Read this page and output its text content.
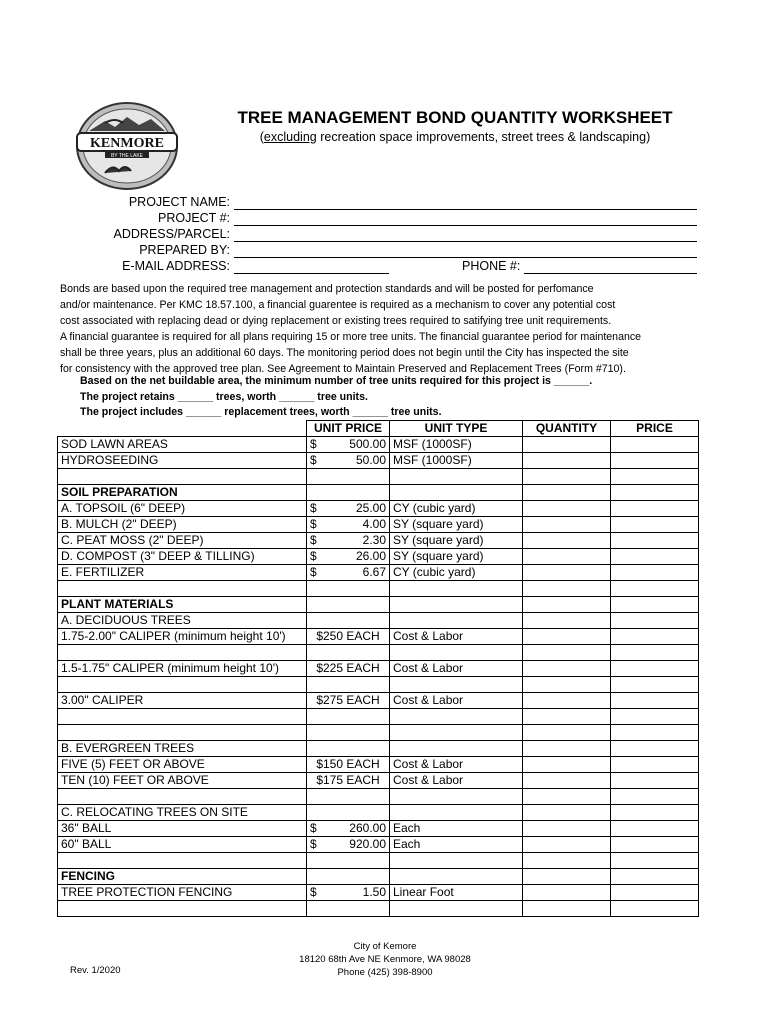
KENMORE
BY THE LAKE
TREE MANAGEMENT BOND QUANTITY WORKSHEET
(excluding recreation space improvements, street trees & landscaping)
PROJECT NAME:
PROJECT #:
ADDRESS/PARCEL:
PREPARED BY:
E-MAIL ADDRESS:	PHONE #:
Bonds are based upon the required tree management and protection standards and will be posted for perfomance
and/or maintenance. Per KMC 18.57.100, a financial guarentee is required as a mechanism to cover any potential cost
cost associated with replacing dead or dying replacement or existing trees required to satifying tree unit requirements.
A financial guarantee is required for all plans requiring 15 or more tree units. The financial guarantee period for maintenance
shall be three years, plus an additional 60 days. The monitoring period does not begin until the City has inspected the site
for consistency with the approved tree plan. See Agreement to Maintain Preserved and Replacement Trees (Form #710).
Based on the net buildable area, the minimum number of tree units required for this project is ______.
The project retains ______ trees, worth ______ tree units.
The project includes ______ replacement trees, worth ______ tree units.
	UNIT PRICE	UNIT TYPE	QUANTITY	PRICE
SOD LAWN AREAS	$ 500.00	MSF (1000SF)		
HYDROSEEDING	$ 50.00	MSF (1000SF)		

SOIL PREPARATION				
A. TOPSOIL (6" DEEP)	$ 25.00	CY (cubic yard)		
B. MULCH (2" DEEP)	$ 4.00	SY (square yard)		
C. PEAT MOSS (2" DEEP)	$ 2.30	SY (square yard)		
D. COMPOST (3" DEEP & TILLING)	$ 26.00	SY (square yard)		
E. FERTILIZER	$ 6.67	CY (cubic yard)		

PLANT MATERIALS				
A. DECIDUOUS TREES				
1.75-2.00" CALIPER (minimum height 10')	$250 EACH	Cost & Labor		

1.5-1.75" CALIPER (minimum height 10')	$225 EACH	Cost & Labor		

3.00" CALIPER	$275 EACH	Cost & Labor		

B. EVERGREEN TREES				
FIVE (5) FEET OR ABOVE	$150 EACH	Cost & Labor		
TEN (10) FEET OR ABOVE	$175 EACH	Cost & Labor		

C. RELOCATING TREES ON SITE				
36" BALL	$ 260.00	Each		
60" BALL	$ 920.00	Each		

FENCING				
TREE PROTECTION FENCING	$ 1.50	Linear Foot		

City of Kemore
18120 68th Ave NE Kenmore, WA 98028
Phone (425) 398-8900
Rev. 1/2020
